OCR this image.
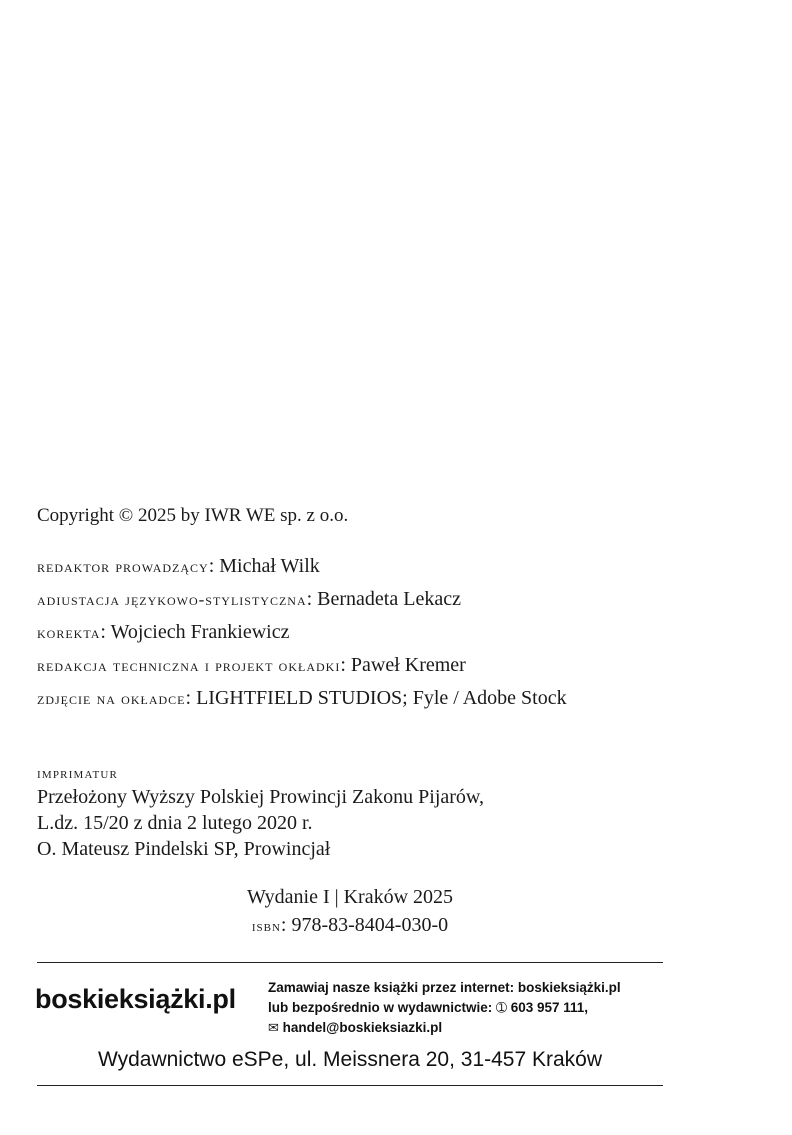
Copyright © 2025 by IWR WE sp. z o.o.
redaktor prowadzący: Michał Wilk
adiustacja językowo-stylistyczna: Bernadeta Lekacz
korekta: Wojciech Frankiewicz
redakcja techniczna i projekt okładki: Paweł Kremer
zdjęcie na okładce: LIGHTFIELD STUDIOS; Fyle / Adobe Stock
imprimatur
Przełożony Wyższy Polskiej Prowincji Zakonu Pijarów,
L.dz. 15/20 z dnia 2 lutego 2020 r.
O. Mateusz Pindelski SP, Prowincjał
Wydanie I | Kraków 2025
isbn: 978-83-8404-030-0
boskieksiążki.pl Zamawiaj nasze książki przez internet: boskieksiążki.pl
lub bezpośrednio w wydawnictwie: ➀ 603 957 111,
✉ handel@boskieksiazki.pl
Wydawnictwo eSPe, ul. Meissnera 20, 31-457 Kraków
